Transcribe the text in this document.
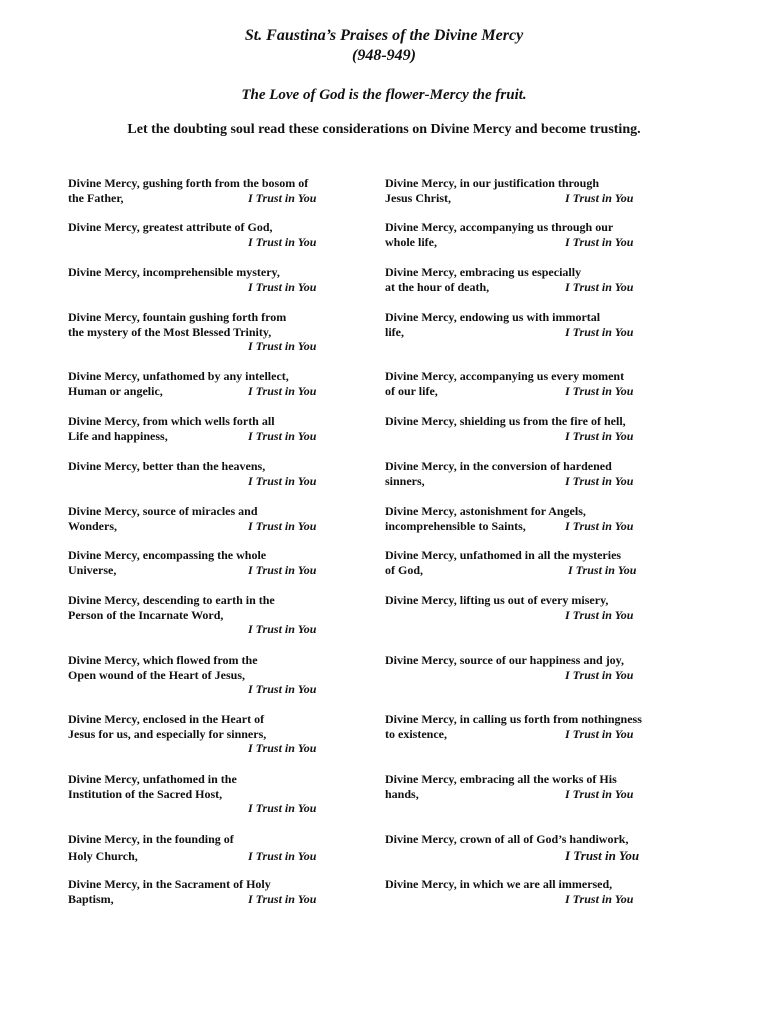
St. Faustina’s Praises of the Divine Mercy
(948-949)
The Love of God is the flower-Mercy the fruit.
Let the doubting soul read these considerations on Divine Mercy and become trusting.
Divine Mercy, gushing forth from the bosom of
the Father,	I Trust in You
Divine Mercy, greatest attribute of God,
I Trust in You
Divine Mercy, incomprehensible mystery,
I Trust in You
Divine Mercy, fountain gushing forth from
the mystery of the Most Blessed Trinity,
I Trust in You
Divine Mercy, unfathomed by any intellect,
Human or angelic,	I Trust in You
Divine Mercy, from which wells forth all
Life and happiness,	I Trust in You
Divine Mercy, better than the heavens,
I Trust in You
Divine Mercy, source of miracles and
Wonders,	I Trust in You
Divine Mercy, encompassing the whole
Universe,	I Trust in You
Divine Mercy, descending to earth in the
Person of the Incarnate Word,
I Trust in You
Divine Mercy, which flowed from the
Open wound of the Heart of Jesus,
I Trust in You
Divine Mercy, enclosed in the Heart of
Jesus for us, and especially for sinners,
I Trust in You
Divine Mercy, unfathomed in the
Institution of the Sacred Host,
I Trust in You
Divine Mercy, in the founding of
Holy Church,	I Trust in You
Divine Mercy, in the Sacrament of Holy
Baptism,	I Trust in You
Divine Mercy, in our justification through
Jesus Christ,	I Trust in You
Divine Mercy, accompanying us through our
whole life,	I Trust in You
Divine Mercy, embracing us especially
at the hour of death,	I Trust in You
Divine Mercy, endowing us with immortal
life,	I Trust in You
Divine Mercy, accompanying us every moment
of our life,	I Trust in You
Divine Mercy, shielding us from the fire of hell,
I Trust in You
Divine Mercy, in the conversion of hardened
sinners,	I Trust in You
Divine Mercy, astonishment for Angels,
incomprehensible to Saints,	I Trust in You
Divine Mercy, unfathomed in all the mysteries
of God,	I Trust in You
Divine Mercy, lifting us out of every misery,
I Trust in You
Divine Mercy, source of our happiness and joy,
I Trust in You
Divine Mercy, in calling us forth from nothingness
to existence,	I Trust in You
Divine Mercy, embracing all the works of His
hands,	I Trust in You
Divine Mercy, crown of all of God’s handiwork,
I Trust in You
Divine Mercy, in which we are all immersed,
I Trust in You
